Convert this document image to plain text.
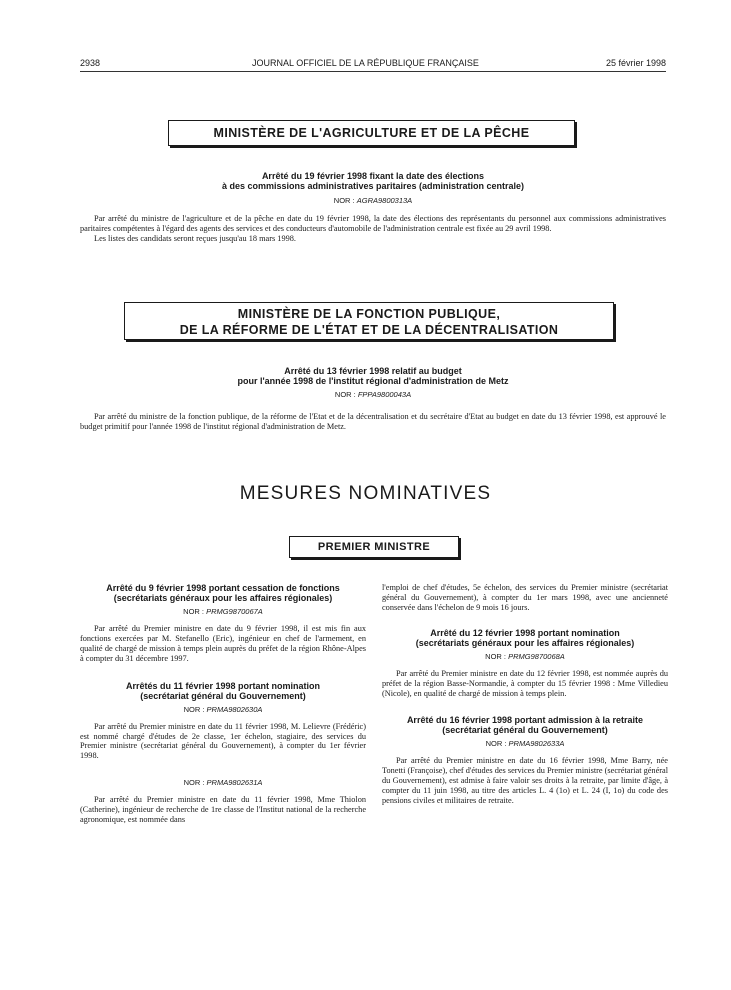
2938	JOURNAL OFFICIEL DE LA RÉPUBLIQUE FRANÇAISE	25 février 1998
MINISTÈRE DE L'AGRICULTURE ET DE LA PÊCHE
Arrêté du 19 février 1998 fixant la date des élections
à des commissions administratives paritaires (administration centrale)
NOR : AGRA9800313A

Par arrêté du ministre de l'agriculture et de la pêche en date du 19 février 1998, la date des élections des représentants du personnel aux commissions administratives paritaires compétentes à l'égard des agents des services et des conducteurs d'automobile de l'administration centrale est fixée au 29 avril 1998.

Les listes des candidats seront reçues jusqu'au 18 mars 1998.

MINISTÈRE DE LA FONCTION PUBLIQUE,
DE LA RÉFORME DE L'ÉTAT ET DE LA DÉCENTRALISATION
Arrêté du 13 février 1998 relatif au budget
pour l'année 1998 de l'institut régional d'administration de Metz
NOR : FPPA9800043A

Par arrêté du ministre de la fonction publique, de la réforme de l'Etat et de la décentralisation et du secrétaire d'Etat au budget en date du 13 février 1998, est approuvé le budget primitif pour l'année 1998 de l'institut régional d'administration de Metz.

MESURES NOMINATIVES
PREMIER MINISTRE
Arrêté du 9 février 1998 portant cessation de fonctions
(secrétariats généraux pour les affaires régionales)
NOR : PRMG9870067A

Par arrêté du Premier ministre en date du 9 février 1998, il est mis fin aux fonctions exercées par M. Stefanello (Eric), ingénieur en chef de l'armement, en qualité de chargé de mission à temps plein auprès du préfet de la région Rhône-Alpes à compter du 31 décembre 1997.

Arrêtés du 11 février 1998 portant nomination
(secrétariat général du Gouvernement)
NOR : PRMA9802630A

Par arrêté du Premier ministre en date du 11 février 1998, M. Lelievre (Frédéric) est nommé chargé d'études de 2e classe, 1er échelon, stagiaire, des services du Premier ministre (secrétariat général du Gouvernement), à compter du 1er février 1998.

NOR : PRMA9802631A

Par arrêté du Premier ministre en date du 11 février 1998, Mme Thiolon (Catherine), ingénieur de recherche de 1re classe de l'Institut national de la recherche agronomique, est nommée dans

l'emploi de chef d'études, 5e échelon, des services du Premier ministre (secrétariat général du Gouvernement), à compter du 1er mars 1998, avec une ancienneté conservée dans l'échelon de 9 mois 16 jours.

Arrêté du 12 février 1998 portant nomination
(secrétariats généraux pour les affaires régionales)
NOR : PRMG9870068A

Par arrêté du Premier ministre en date du 12 février 1998, est nommée auprès du préfet de la région Basse-Normandie, à compter du 15 février 1998 : Mme Villedieu (Nicole), en qualité de chargé de mission à temps plein.

Arrêté du 16 février 1998 portant admission à la retraite
(secrétariat général du Gouvernement)
NOR : PRMA9802633A

Par arrêté du Premier ministre en date du 16 février 1998, Mme Barry, née Tonetti (Françoise), chef d'études des services du Premier ministre (secrétariat général du Gouvernement), est admise à faire valoir ses droits à la retraite, par limite d'âge, à compter du 11 juin 1998, au titre des articles L. 4 (1o) et L. 24 (I, 1o) du code des pensions civiles et militaires de retraite.
